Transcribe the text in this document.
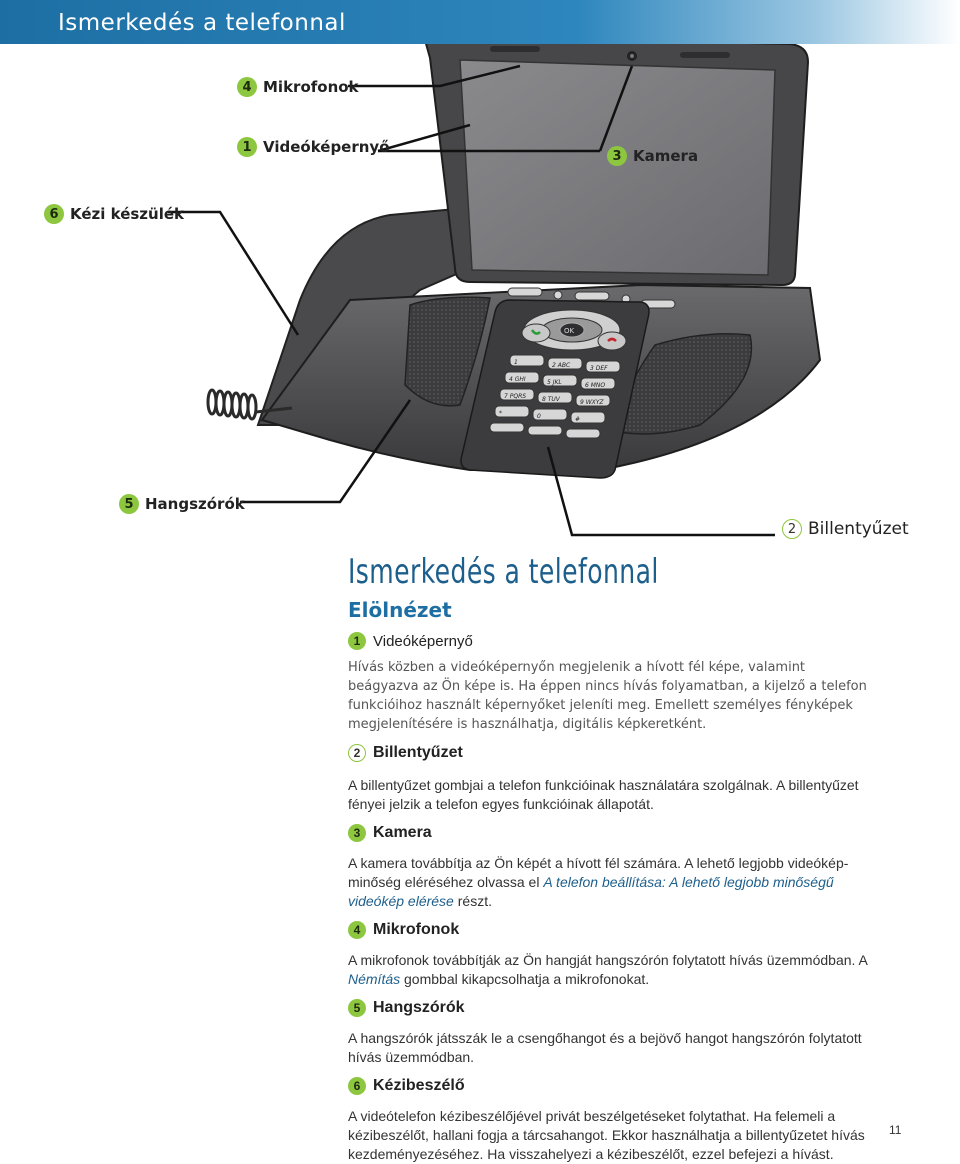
Ismerkedés a telefonnal
OK
1	2 ABC	3 DEF
4 GHI	5 JKL	6 MNO
7 PQRS	8 TUV	9 WXYZ
*	0	#
4 Mikrofonok
1 Videóképernyő	3 Kamera
6 Kézi készülék
5 Hangszórók
2 Billentyűzet
Ismerkedés a telefonnal
Elölnézet
1 Videóképernyő
Hívás közben a videóképernyőn megjelenik a hívott fél képe, valamint beágyazva az Ön képe is. Ha éppen nincs hívás folyamatban, a kijelző a telefon funkcióihoz használt képernyőket jeleníti meg. Emellett személyes fényképek megjelenítésére is használhatja, digitális képkeretként.
2 Billentyűzet
A billentyűzet gombjai a telefon funkcióinak használatára szolgálnak. A billentyűzet fényei jelzik a telefon egyes funkcióinak állapotát.
3 Kamera
A kamera továbbítja az Ön képét a hívott fél számára. A lehető legjobb videókép-minőség eléréséhez olvassa el A telefon beállítása: A lehető legjobb minőségű videókép elérése részt.
4 Mikrofonok
A mikrofonok továbbítják az Ön hangját hangszórón folytatott hívás üzemmódban. A Némítás gombbal kikapcsolhatja a mikrofonokat.
5 Hangszórók
A hangszórók játsszák le a csengőhangot és a bejövő hangot hangszórón folytatott hívás üzemmódban.
6 Kézibeszélő
A videótelefon kézibeszélőjével privát beszélgetéseket folytathat. Ha felemeli a kézibeszélőt, hallani fogja a tárcsahangot. Ekkor használhatja a billentyűzetet hívás kezdeményezéséhez. Ha visszahelyezi a kézibeszélőt, ezzel befejezi a hívást.
11
